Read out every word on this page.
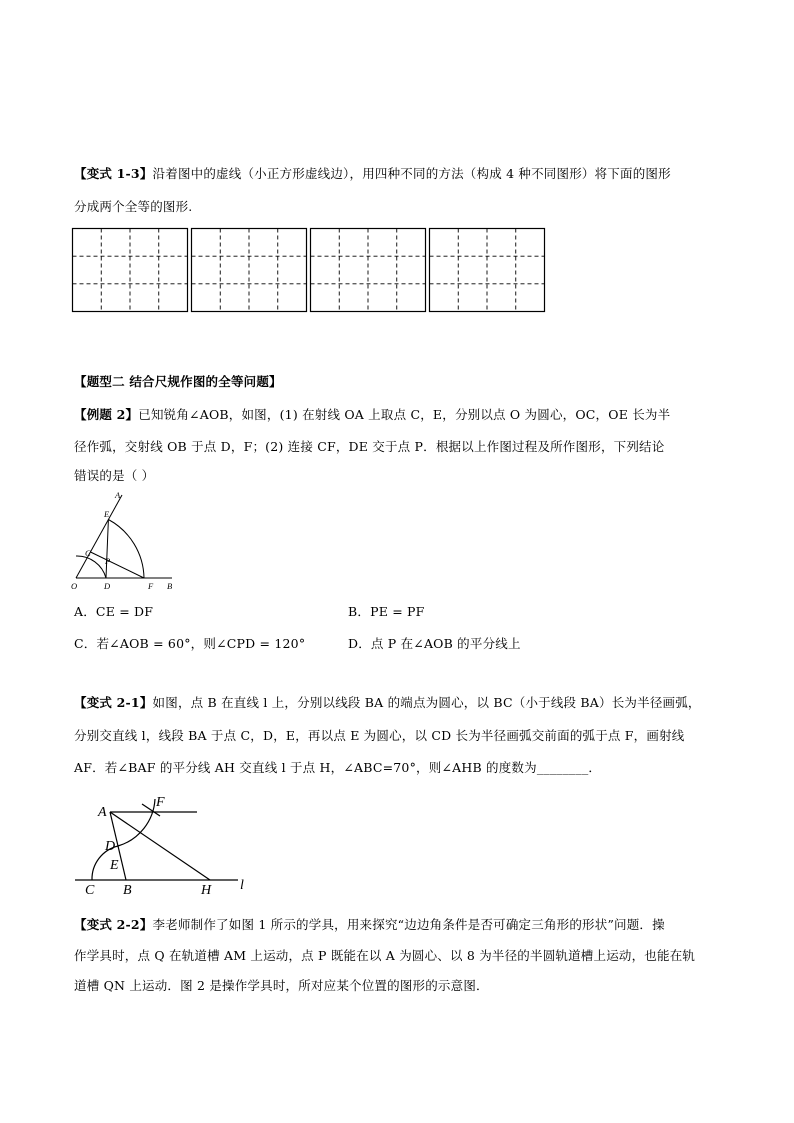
【变式 1-3】沿着图中的虚线（小正方形虚线边），用四种不同的方法（构成 4 种不同图形）将下面的图形
分成两个全等的图形.
【题型二 结合尺规作图的全等问题】
【例题 2】已知锐角∠AOB，如图，(1) 在射线 OA 上取点 C，E，分别以点 O 为圆心，OC，OE 长为半
径作弧，交射线 OB 于点 D，F；(2) 连接 CF，DE 交于点 P．根据以上作图过程及所作图形，下列结论
错误的是（ ）
A
E
C
P
O	D	F B
A．CE = DF	B．PE = PF
C．若∠AOB = 60°，则∠CPD = 120°	D．点 P 在∠AOB 的平分线上
【变式 2-1】如图，点 B 在直线 l 上，分别以线段 BA 的端点为圆心，以 BC（小于线段 BA）长为半径画弧，
分别交直线 l，线段 BA 于点 C，D，E，再以点 E 为圆心，以 CD 长为半径画弧交前面的弧于点 F，画射线
AF．若∠BAF 的平分线 AH 交直线 l 于点 H，∠ABC=70°，则∠AHB 的度数为________．
A
F
D
E
C B	H l
【变式 2-2】李老师制作了如图 1 所示的学具，用来探究“边边角条件是否可确定三角形的形状”问题．操
作学具时，点 Q 在轨道槽 AM 上运动，点 P 既能在以 A 为圆心、以 8 为半径的半圆轨道槽上运动，也能在轨
道槽 QN 上运动．图 2 是操作学具时，所对应某个位置的图形的示意图．
